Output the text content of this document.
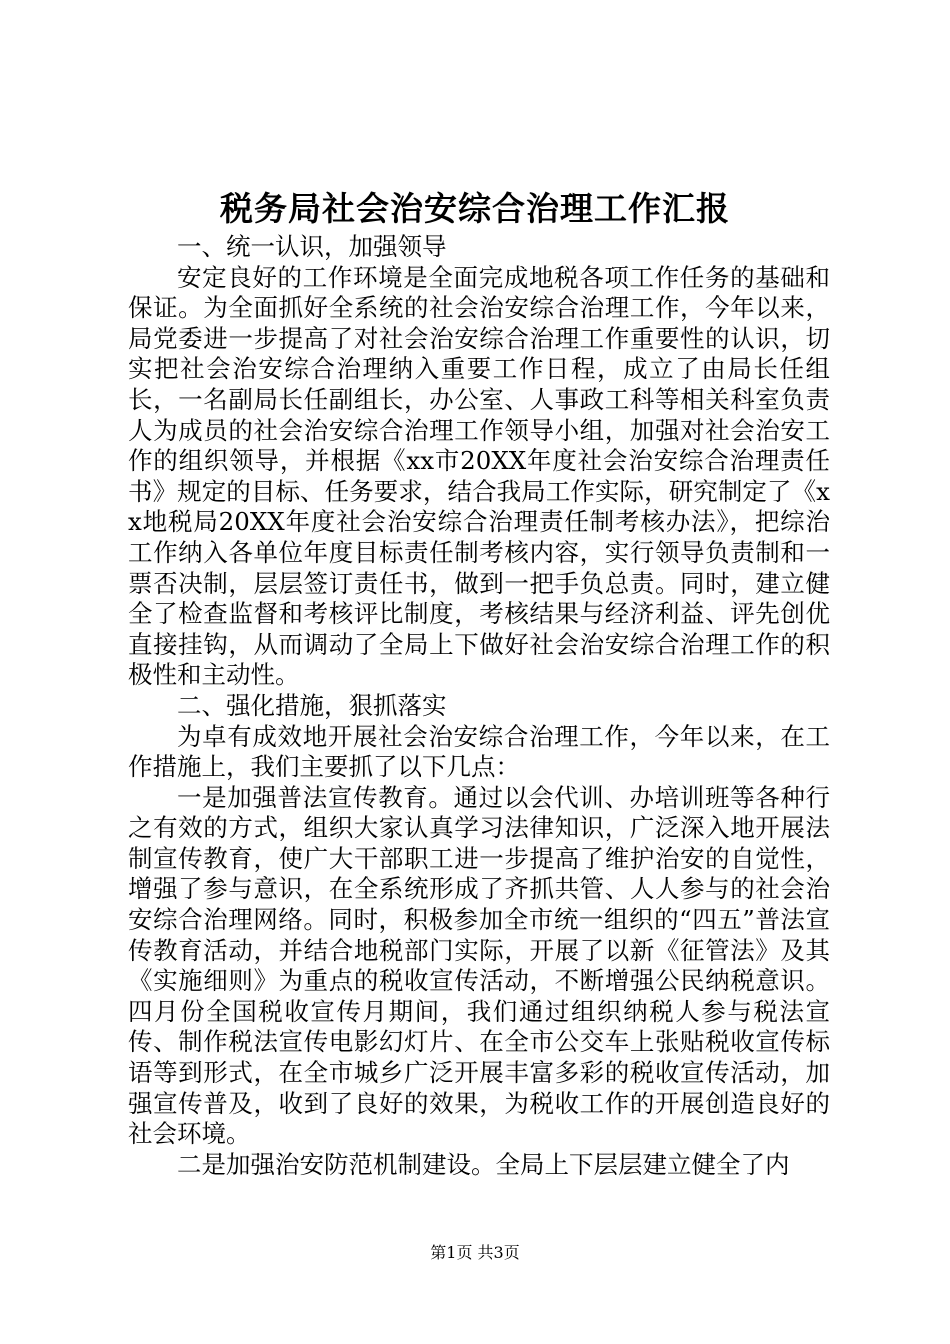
税务局社会治安综合治理工作汇报

一、统一认识，加强领导

安定良好的工作环境是全面完成地税各项工作任务的基础和保证。为全面抓好全系统的社会治安综合治理工作，今年以来，局党委进一步提高了对社会治安综合治理工作重要性的认识，切实把社会治安综合治理纳入重要工作日程，成立了由局长任组长，一名副局长任副组长，办公室、人事政工科等相关科室负责人为成员的社会治安综合治理工作领导小组，加强对社会治安工作的组织领导，并根据《xx市20XX年度社会治安综合治理责任书》规定的目标、任务要求，结合我局工作实际，研究制定了《xx地税局20XX年度社会治安综合治理责任制考核办法》，把综治工作纳入各单位年度目标责任制考核内容，实行领导负责制和一票否决制，层层签订责任书，做到一把手负总责。同时，建立健全了检查监督和考核评比制度，考核结果与经济利益、评先创优直接挂钩，从而调动了全局上下做好社会治安综合治理工作的积极性和主动性。

二、强化措施，狠抓落实

为卓有成效地开展社会治安综合治理工作，今年以来，在工作措施上，我们主要抓了以下几点：

一是加强普法宣传教育。通过以会代训、办培训班等各种行之有效的方式，组织大家认真学习法律知识，广泛深入地开展法制宣传教育，使广大干部职工进一步提高了维护治安的自觉性，增强了参与意识，在全系统形成了齐抓共管、人人参与的社会治安综合治理网络。同时，积极参加全市统一组织的“四五”普法宣传教育活动，并结合地税部门实际，开展了以新《征管法》及其《实施细则》为重点的税收宣传活动，不断增强公民纳税意识。四月份全国税收宣传月期间，我们通过组织纳税人参与税法宣传、制作税法宣传电影幻灯片、在全市公交车上张贴税收宣传标语等到形式，在全市城乡广泛开展丰富多彩的税收宣传活动，加强宣传普及，收到了良好的效果，为税收工作的开展创造良好的社会环境。

二是加强治安防范机制建设。全局上下层层建立健全了内

第1页 共3页
